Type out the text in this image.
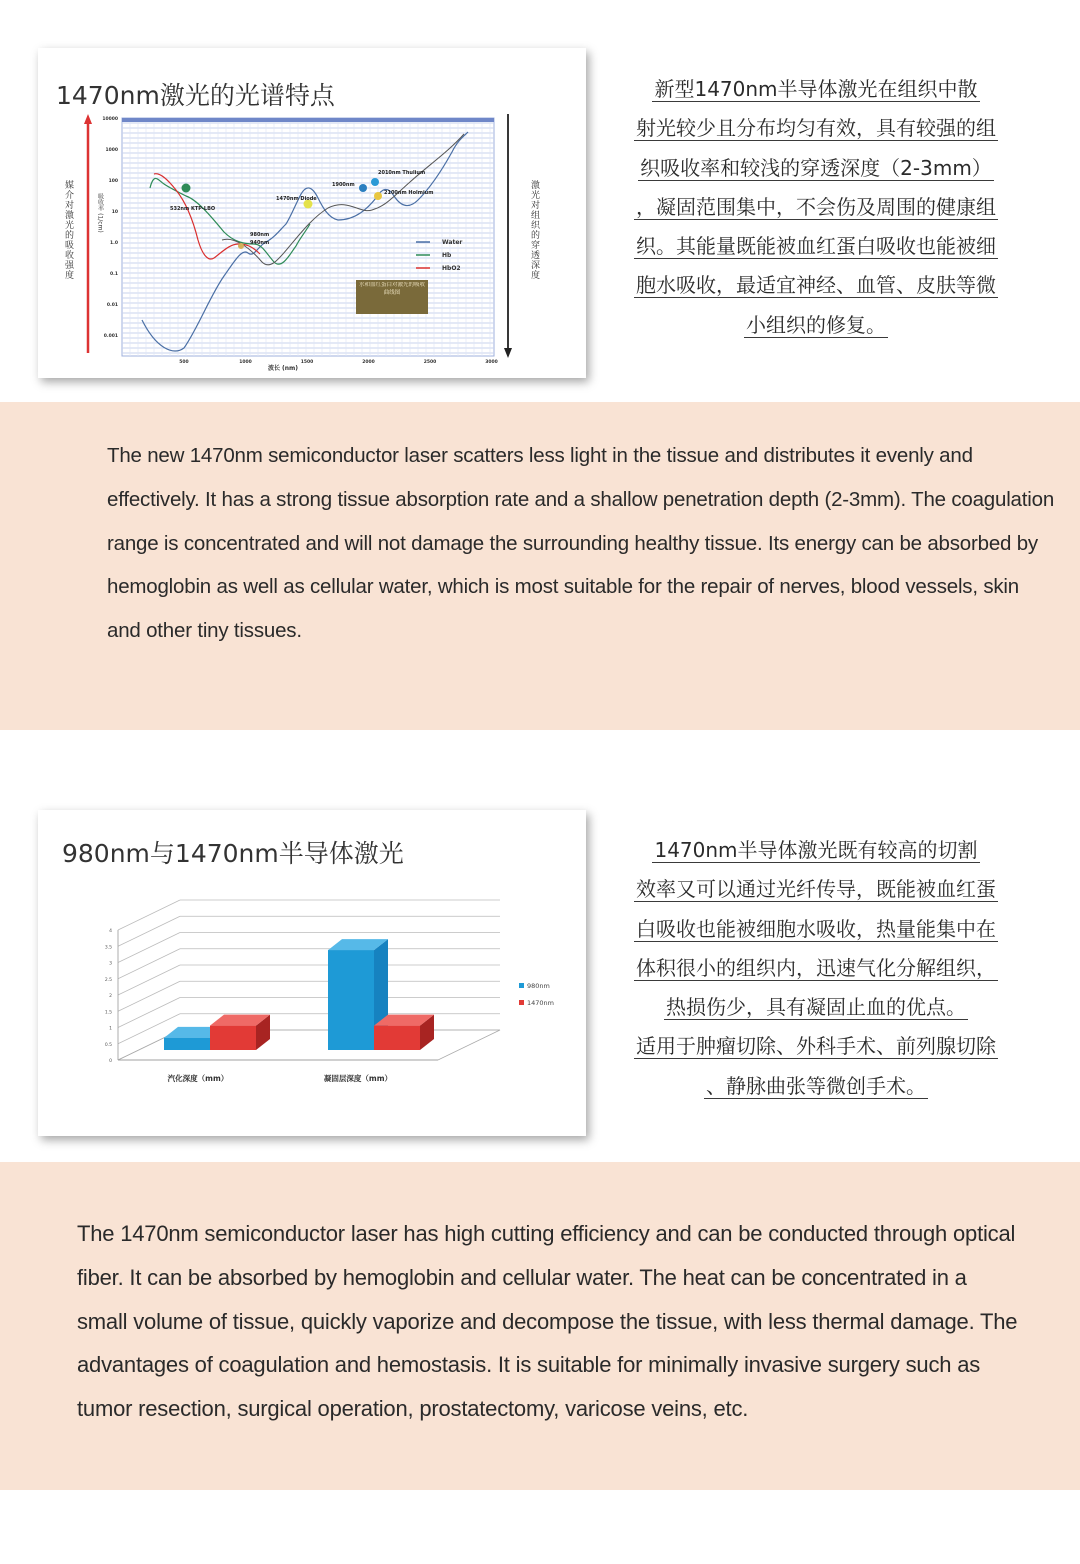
1470nm激光的光谱特点
媒介对激光的吸收强度	激光对组织的穿透深度
吸收率 (1/cm)
波长 (nm)
10000
1000
100
10
1.0
0.1
0.01
0.001
500	1000	1500	2000	2500	3000
532nm KTP-LBO
980nm
940nm
1470nm Diode
1900nm
2010nm Thulium
2100nm Holmium
Water
Hb
HbO2
水和血红蛋白对激光的吸收曲线图
新型1470nm半导体激光在组织中散
射光较少且分布均匀有效，具有较强的组
织吸收率和较浅的穿透深度（2-3mm）
，凝固范围集中，不会伤及周围的健康组
织。其能量既能被血红蛋白吸收也能被细
胞水吸收，最适宜神经、血管、皮肤等微
小组织的修复。
The new 1470nm semiconductor laser scatters less light in the tissue and distributes it evenly and
effectively. It has a strong tissue absorption rate and a shallow penetration depth (2-3mm). The coagulation
range is concentrated and will not damage the surrounding healthy tissue. Its energy can be absorbed by
hemoglobin as well as cellular water, which is most suitable for the repair of nerves, blood vessels, skin
and other tiny tissues.
980nm与1470nm半导体激光
0
0.5
1
1.5
2
2.5
3
3.5
4
汽化深度（mm）	凝固层深度（mm）
980nm
1470nm
1470nm半导体激光既有较高的切割
效率又可以通过光纤传导，既能被血红蛋
白吸收也能被细胞水吸收，热量能集中在
体积很小的组织内，迅速气化分解组织，
热损伤少，具有凝固止血的优点。
适用于肿瘤切除、外科手术、前列腺切除
、静脉曲张等微创手术。
The 1470nm semiconductor laser has high cutting efficiency and can be conducted through optical
fiber. It can be absorbed by hemoglobin and cellular water. The heat can be concentrated in a
small volume of tissue, quickly vaporize and decompose the tissue, with less thermal damage. The
advantages of coagulation and hemostasis. It is suitable for minimally invasive surgery such as
tumor resection, surgical operation, prostatectomy, varicose veins, etc.
